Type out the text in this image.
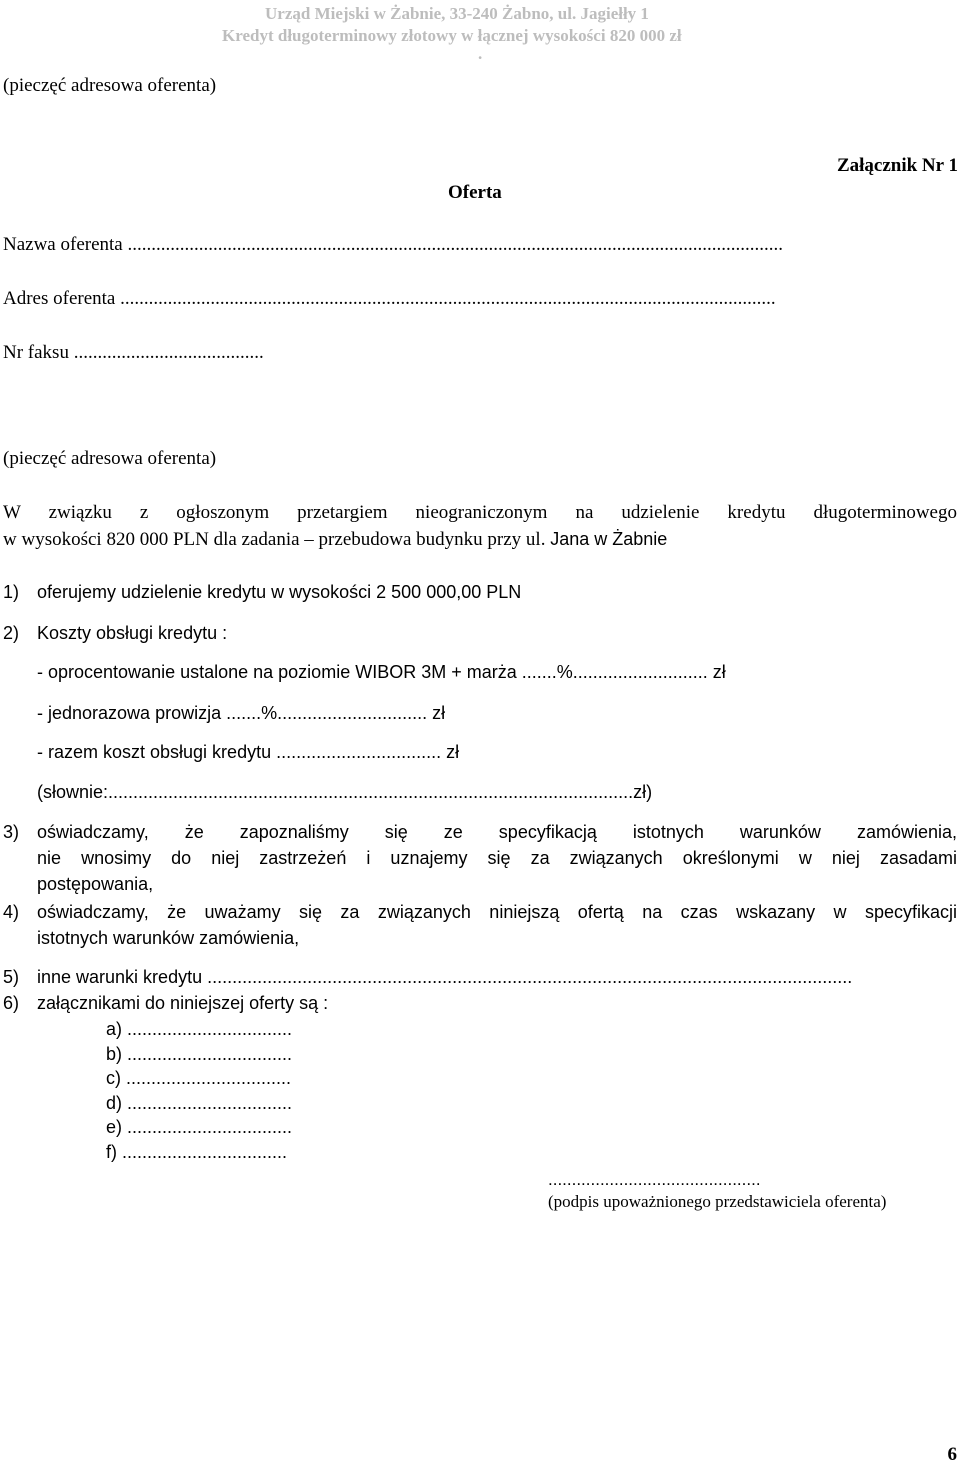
Urząd Miejski w Żabnie, 33-240 Żabno, ul. Jagiełły 1
Kredyt długoterminowy złotowy w łącznej wysokości 820 000 zł
.
(pieczęć adresowa oferenta)
Załącznik Nr 1
Oferta
Nazwa oferenta ..........................................................................................................................................
Adres oferenta ..........................................................................................................................................
Nr faksu ........................................
(pieczęć adresowa oferenta)
W związku z ogłoszonym przetargiem nieograniczonym na udzielenie kredytu długoterminowego
w wysokości 820 000 PLN dla zadania – przebudowa budynku przy ul. Jana w Żabnie
1) oferujemy udzielenie kredytu w wysokości 2 500 000,00 PLN
2) Koszty obsługi kredytu :
- oprocentowanie ustalone na poziomie WIBOR 3M + marża .......%........................... zł
- jednorazowa prowizja .......%.............................. zł
- razem koszt obsługi kredytu ................................. zł
(słownie:.........................................................................................................zł)
3) oświadczamy, że zapoznaliśmy się ze specyfikacją istotnych warunków zamówienia,
nie wnosimy do niej zastrzeżeń i uznajemy się za związanych określonymi w niej zasadami
postępowania,
4) oświadczamy, że uważamy się za związanych niniejszą ofertą na czas wskazany w specyfikacji
istotnych warunków zamówienia,
5) inne warunki kredytu .................................................................................................................................
6) załącznikami do niniejszej oferty są :
a) .................................
b) .................................
c) .................................
d) .................................
e) .................................
f) .................................
.............................................
(podpis upoważnionego przedstawiciela oferenta)
6
